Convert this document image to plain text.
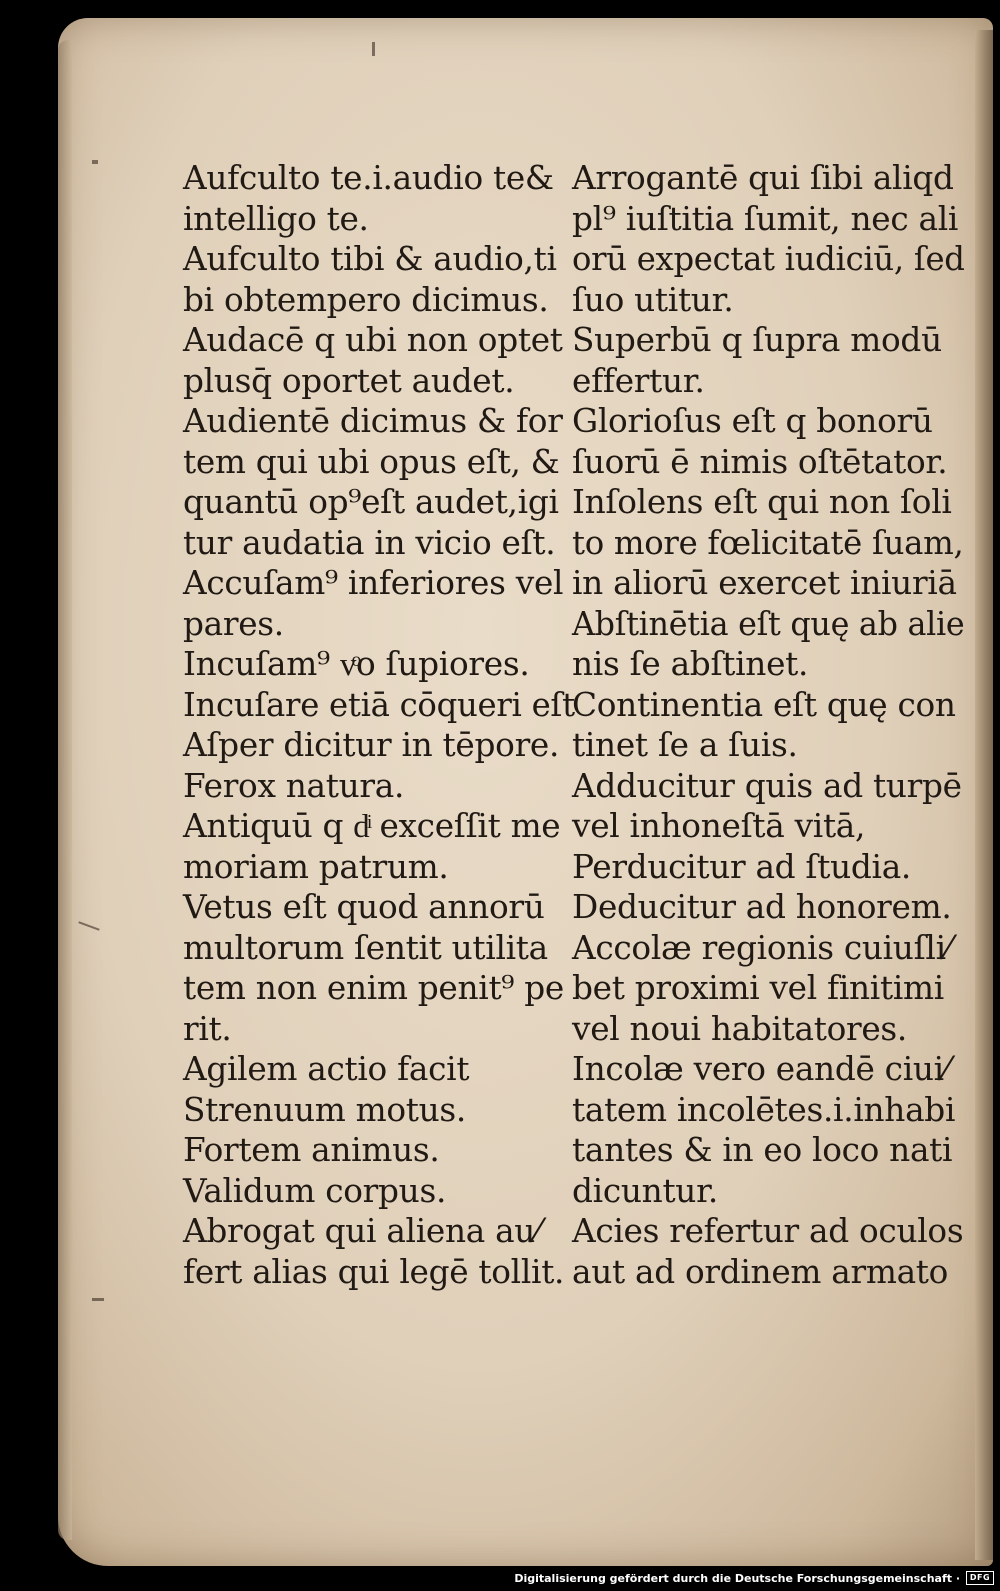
Aufculto te.i.audio te&
intelligo te.
Aufculto tibi & audio,ti
bi obtempero dicimus.
Audacē q ubi non optet
plusq̄ oportet audet.
Audientē dicimus & for
tem qui ubi opus eſt, &
quantū op⁹eſt audet,igi
tur audatia in vicio eſt.
Accuſam⁹ inferiores vel
pares.
Incuſam⁹ vͦo ſupiores.
Incuſare etiā cōqueri eſt
Aſper dicitur in tēpore.
Ferox natura.
Antiquū q dͥ exceſſit me
moriam patrum.
Vetus eſt quod annorū
multorum ſentit utilita
tem non enim penit⁹ pe
rit.
Agilem actio facit
Strenuum motus.
Fortem animus.
Validum corpus.
Abrogat qui aliena au⁄
fert alias qui legē tollit.
Arrogantē qui ſibi aliqd
pl⁹ iuſtitia ſumit, nec ali
orū expectat iudiciū, ſed
ſuo utitur.
Superbū q ſupra modū
effertur.
Glorioſus eſt q bonorū
ſuorū ē nimis oſtētator.
Inſolens eſt qui non ſoli
to more fœlicitatē ſuam,
in aliorū exercet iniuriā
Abſtinētia eſt quę ab alie
nis ſe abſtinet.
Continentia eſt quę con
tinet ſe a ſuis.
Adducitur quis ad turpē
vel inhoneſtā vitā,
Perducitur ad ſtudia.
Deducitur ad honorem.
Accolæ regionis cuiuſli⁄
bet proximi vel finitimi
vel noui habitatores.
Incolæ vero eandē ciui⁄
tatem incolētes.i.inhabi
tantes & in eo loco nati
dicuntur.
Acies refertur ad oculos
aut ad ordinem armato
Digitalisierung gefördert durch die Deutsche Forschungsgemeinschaft ·	DFG
